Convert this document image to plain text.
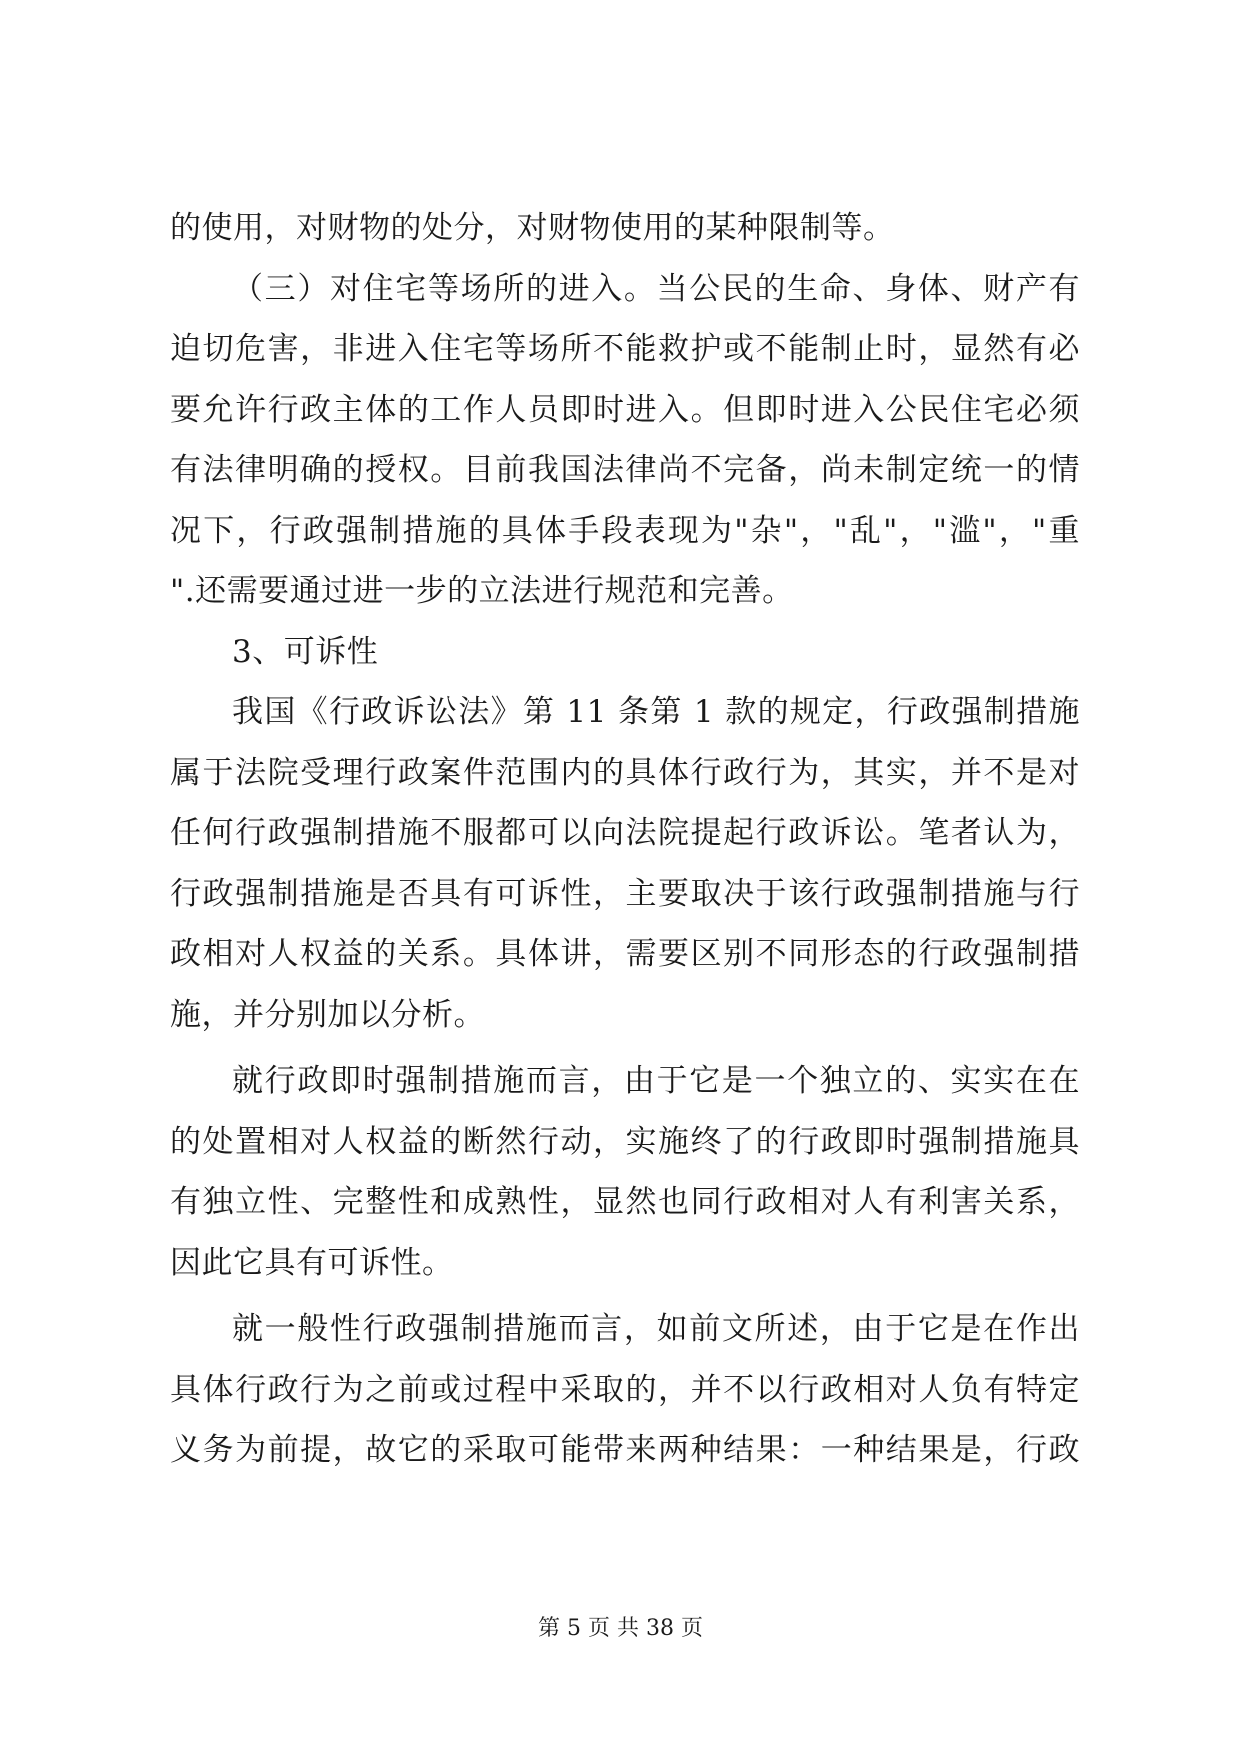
的使用，对财物的处分，对财物使用的某种限制等。
（三）对住宅等场所的进入。当公民的生命、身体、财产有
迫切危害，非进入住宅等场所不能救护或不能制止时，显然有必
要允许行政主体的工作人员即时进入。但即时进入公民住宅必须
有法律明确的授权。目前我国法律尚不完备，尚未制定统一的情
况下，行政强制措施的具体手段表现为"杂"，"乱"，"滥"，"重
".还需要通过进一步的立法进行规范和完善。
3、可诉性
我国《行政诉讼法》第 11 条第 1 款的规定，行政强制措施
属于法院受理行政案件范围内的具体行政行为，其实，并不是对
任何行政强制措施不服都可以向法院提起行政诉讼。笔者认为，
行政强制措施是否具有可诉性，主要取决于该行政强制措施与行
政相对人权益的关系。具体讲，需要区别不同形态的行政强制措
施，并分别加以分析。
就行政即时强制措施而言，由于它是一个独立的、实实在在
的处置相对人权益的断然行动，实施终了的行政即时强制措施具
有独立性、完整性和成熟性，显然也同行政相对人有利害关系，
因此它具有可诉性。
就一般性行政强制措施而言，如前文所述，由于它是在作出
具体行政行为之前或过程中采取的，并不以行政相对人负有特定
义务为前提，故它的采取可能带来两种结果：一种结果是，行政
第 5 页 共 38 页
